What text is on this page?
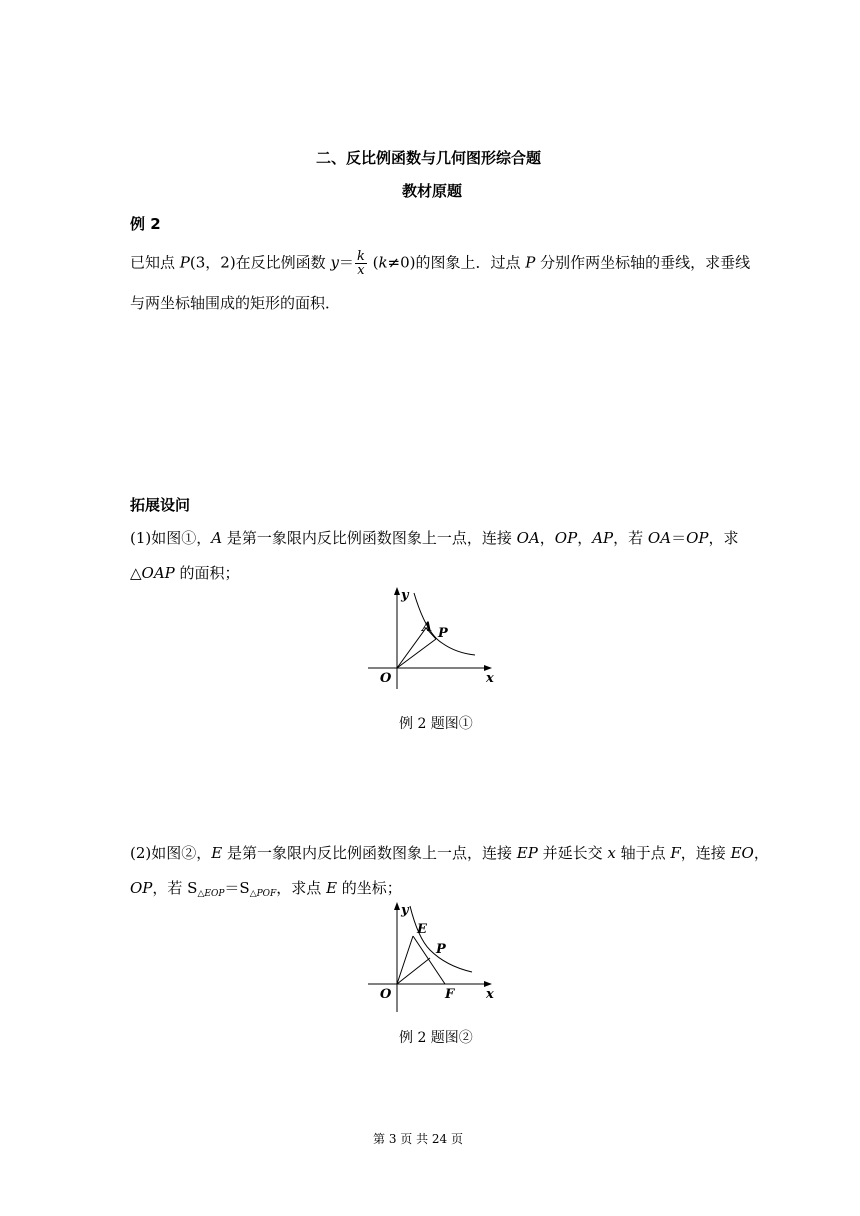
二、反比例函数与几何图形综合题
教材原题
例 2
已知点 P(3，2)在反比例函数 $y= \frac{k}{x} (k\ne 0)$的图象上．过点 P 分别作两坐标轴的垂线，求垂线
与两坐标轴围成的矩形的面积．
拓展设问
(1)如图①，A 是第一象限内反比例函数图象上一点，连接 OA，OP，AP，若 OA＝OP，求
△OAP 的面积；
y
x
O
A P
例 2 题图①
(2)如图②，E 是第一象限内反比例函数图象上一点，连接 EP 并延长交 x 轴于点 F，连接 EO，
OP，若 $S_{\triangle EOP}=S_{\triangle POF}$，求点 E 的坐标；
y
x
O
E
P
F
例 2 题图②
第 3 页 共 24 页
